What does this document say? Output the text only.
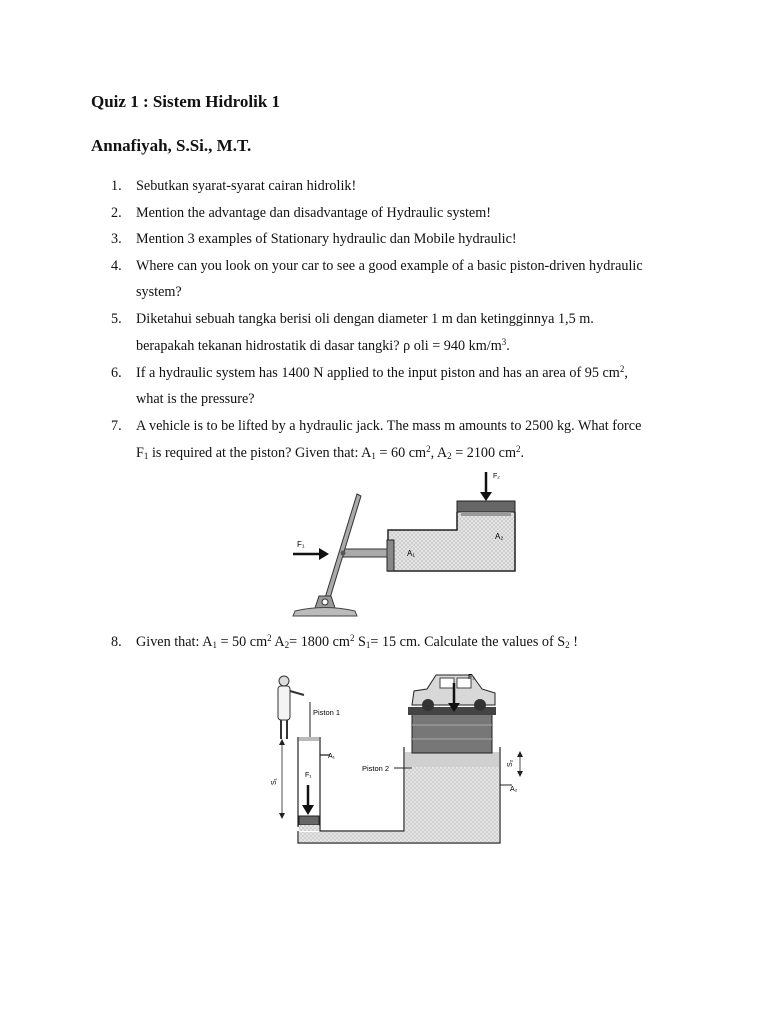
Quiz 1 : Sistem Hidrolik 1
Annafiyah, S.Si., M.T.
1. Sebutkan syarat-syarat cairan hidrolik!
2. Mention the advantage dan disadvantage of Hydraulic system!
3. Mention 3 examples of Stationary hydraulic dan Mobile hydraulic!
4. Where can you look on your car to see a good example of a basic piston-driven hydraulic
system?
5. Diketahui sebuah tangka berisi oli dengan diameter 1 m dan ketingginnya 1,5 m.
berapakah tekanan hidrostatik di dasar tangki? ρ oli = 940 $km/m^3$.
6. If a hydraulic system has 1400 N applied to the input piston and has an area of 95 $cm^2$,
what is the pressure?
7. A vehicle is to be lifted by a hydraulic jack. The mass m amounts to 2500 kg. What force
$F_1$ is required at the piston? Given that: $A_1 = 60$ $cm^2$, $A_2 = 2100$ $cm^2$.
F₂
A₂
A₁
F₁
8. Given that: $A_1 = 50$ $cm^2$ $A_2= 1800$ $cm^2$ $S_1= 15$ cm. Calculate the values of $S_2$ !
Piston 1
A₁
F₁
S₁
Piston 2
F₂
S₂
A₂
